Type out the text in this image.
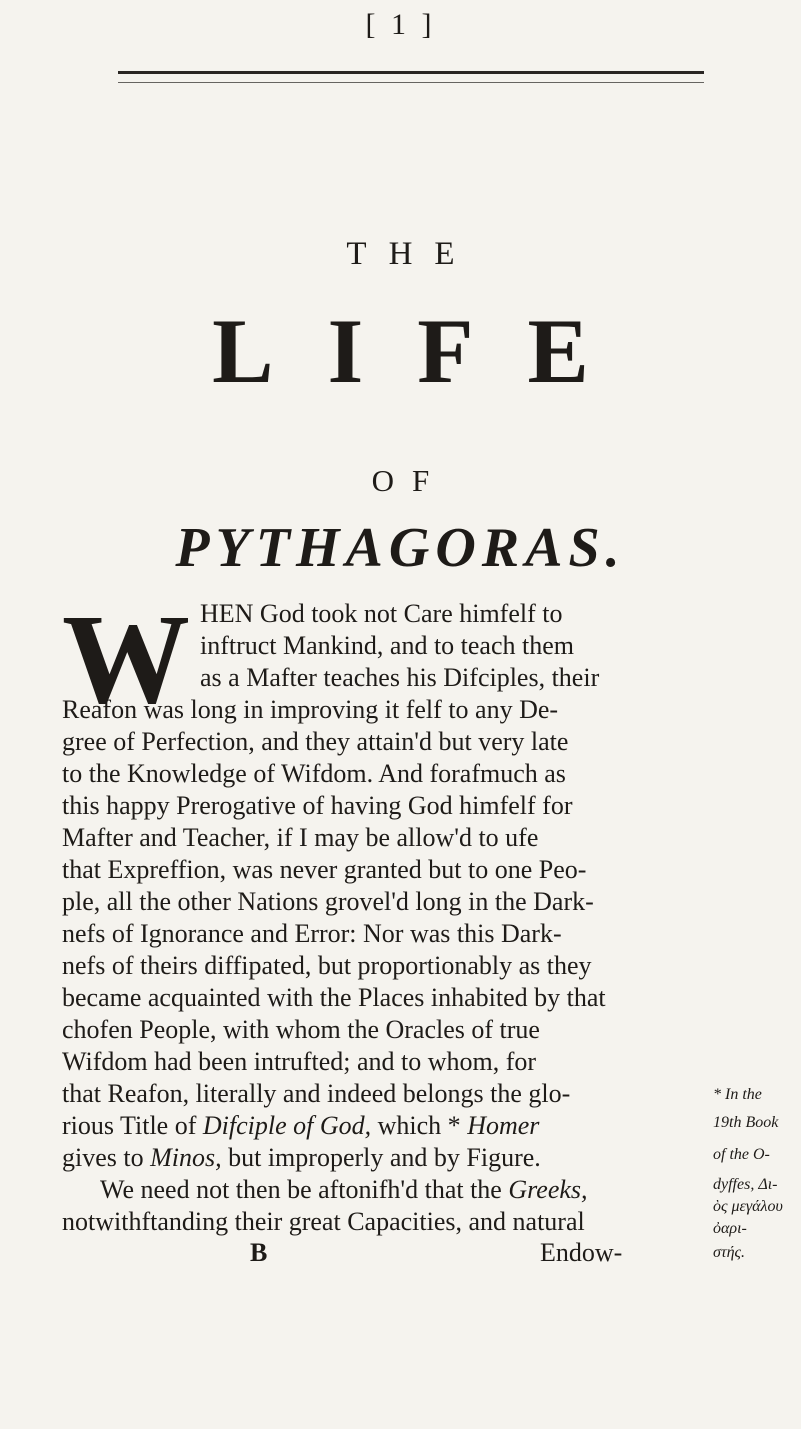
[ 1 ]
THE
LIFE
OF
PYTHAGORAS.
W HEN God took not Care himfelf to
inftruct Mankind, and to teach them
as a Mafter teaches his Difciples, their
Reafon was long in improving it felf to any De-
gree of Perfection, and they attain'd but very late
to the Knowledge of Wifdom. And forafmuch as
this happy Prerogative of having God himfelf for
Mafter and Teacher, if I may be allow'd to ufe
that Expreffion, was never granted but to one Peo-
ple, all the other Nations grovel'd long in the Dark-
nefs of Ignorance and Error: Nor was this Dark-
nefs of theirs diffipated, but proportionably as they
became acquainted with the Places inhabited by that
chofen People, with whom the Oracles of true
Wifdom had been intrufted; and to whom, for
that Reafon, literally and indeed belongs the glo-
rious Title of Difciple of God, which * Homer
gives to Minos, but improperly and by Figure.
We need not then be aftonifh'd that the Greeks,
notwithftanding their great Capacities, and natural
B	Endow-
* In the
19th Book
of the O-
dyffes, Δι-
ὸς μεγάλου
ὀαρι-
στής.
